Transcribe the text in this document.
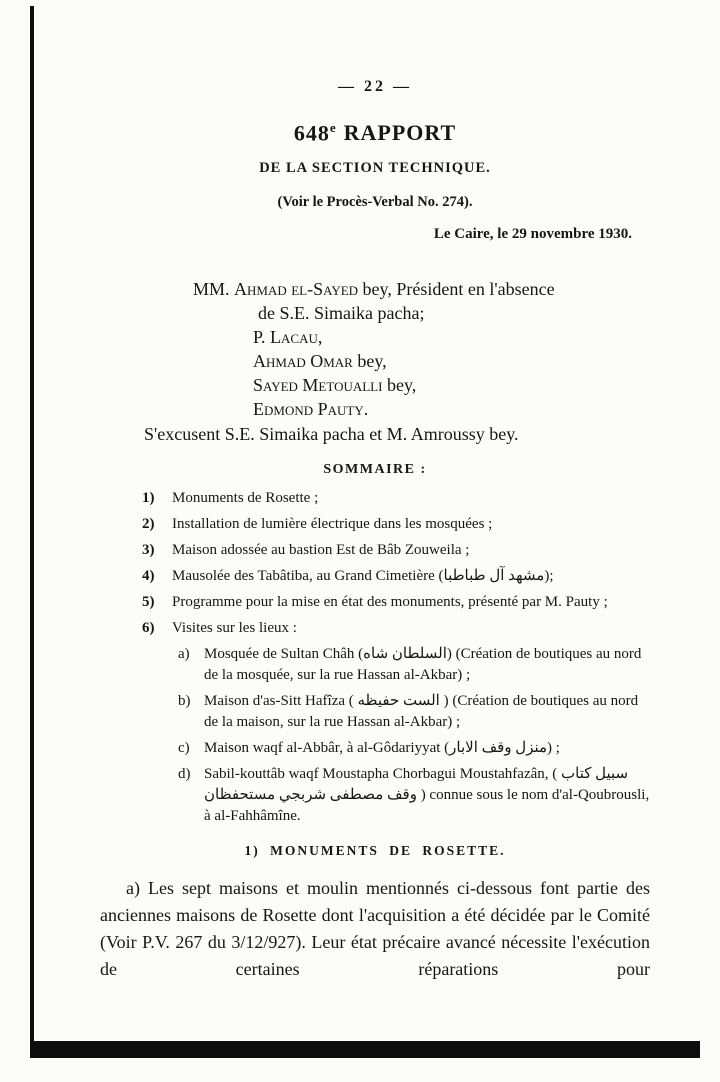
— 22 —
648e RAPPORT
DE LA SECTION TECHNIQUE.
(Voir le Procès-Verbal No. 274).
Le Caire, le 29 novembre 1930.
MM. Ahmad el-Sayed bey, Président en l'absence
de S.E. Simaika pacha;
P. Lacau,
Ahmad Omar bey,
Sayed Metoualli bey,
Edmond Pauty.
S'excusent S.E. Simaika pacha et M. Amroussy bey.
SOMMAIRE :
1)	Monuments de Rosette ;
2)	Installation de lumière électrique dans les mosquées ;
3)	Maison adossée au bastion Est de Bâb Zouweila ;
4)	Mausolée des Tabâtiba, au Grand Cimetière (مشهد آل طباطبا);
5)	Programme pour la mise en état des monuments, présenté par M. Pauty ;
6)	Visites sur les lieux :
a) Mosquée de Sultan Châh (السلطان شاه) (Création de boutiques au nord de la mosquée, sur la rue Hassan al-Akbar) ;
b) Maison d'as-Sitt Hafîza ( الست حفيظه ) (Création de boutiques au nord de la maison, sur la rue Hassan al-Akbar) ;
c) Maison waqf al-Abbâr, à al-Gôdariyyat (منزل وقف الابار) ;
d) Sabil-kouttâb waqf Moustapha Chorbagui Moustahfazân, ( سبيل كتاب وقف مصطفى شربجي مستحفظان ) connue sous le nom d'al-Qoubrousli, à al-Fahhâmîne.
1) MONUMENTS DE ROSETTE.
a) Les sept maisons et moulin mentionnés ci-dessous font partie des anciennes maisons de Rosette dont l'acquisition a été décidée par le Comité (Voir P.V. 267 du 3/12/927). Leur état précaire avancé nécessite l'exécution de certaines réparations pour
